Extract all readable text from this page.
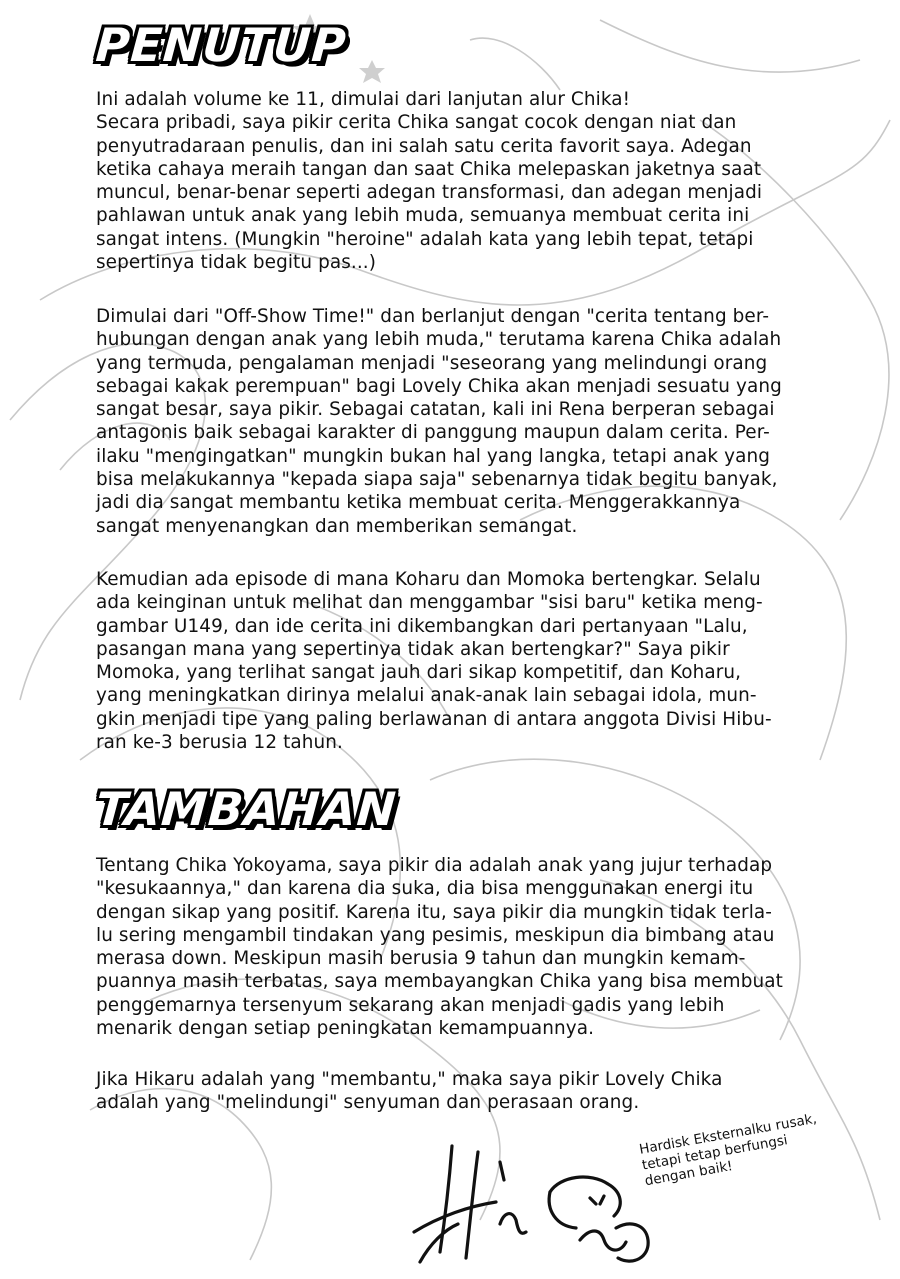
PENUTUP
Ini adalah volume ke 11, dimulai dari lanjutan alur Chika!
Secara pribadi, saya pikir cerita Chika sangat cocok dengan niat dan
penyutradaraan penulis, dan ini salah satu cerita favorit saya. Adegan
ketika cahaya meraih tangan dan saat Chika melepaskan jaketnya saat
muncul, benar-benar seperti adegan transformasi, dan adegan menjadi
pahlawan untuk anak yang lebih muda, semuanya membuat cerita ini
sangat intens. (Mungkin "heroine" adalah kata yang lebih tepat, tetapi
sepertinya tidak begitu pas...)
Dimulai dari "Off-Show Time!" dan berlanjut dengan "cerita tentang ber-
hubungan dengan anak yang lebih muda," terutama karena Chika adalah
yang termuda, pengalaman menjadi "seseorang yang melindungi orang
sebagai kakak perempuan" bagi Lovely Chika akan menjadi sesuatu yang
sangat besar, saya pikir. Sebagai catatan, kali ini Rena berperan sebagai
antagonis baik sebagai karakter di panggung maupun dalam cerita. Per-
ilaku "mengingatkan" mungkin bukan hal yang langka, tetapi anak yang
bisa melakukannya "kepada siapa saja" sebenarnya tidak begitu banyak,
jadi dia sangat membantu ketika membuat cerita. Menggerakkannya
sangat menyenangkan dan memberikan semangat.
Kemudian ada episode di mana Koharu dan Momoka bertengkar. Selalu
ada keinginan untuk melihat dan menggambar "sisi baru" ketika meng-
gambar U149, dan ide cerita ini dikembangkan dari pertanyaan "Lalu,
pasangan mana yang sepertinya tidak akan bertengkar?" Saya pikir
Momoka, yang terlihat sangat jauh dari sikap kompetitif, dan Koharu,
yang meningkatkan dirinya melalui anak-anak lain sebagai idola, mun-
gkin menjadi tipe yang paling berlawanan di antara anggota Divisi Hibu-
ran ke-3 berusia 12 tahun.
TAMBAHAN
Tentang Chika Yokoyama, saya pikir dia adalah anak yang jujur terhadap
"kesukaannya," dan karena dia suka, dia bisa menggunakan energi itu
dengan sikap yang positif. Karena itu, saya pikir dia mungkin tidak terla-
lu sering mengambil tindakan yang pesimis, meskipun dia bimbang atau
merasa down. Meskipun masih berusia 9 tahun dan mungkin kemam-
puannya masih terbatas, saya membayangkan Chika yang bisa membuat
penggemarnya tersenyum sekarang akan menjadi gadis yang lebih
menarik dengan setiap peningkatan kemampuannya.
Jika Hikaru adalah yang "membantu," maka saya pikir Lovely Chika
adalah yang "melindungi" senyuman dan perasaan orang.
Hardisk Eksternalku rusak,
tetapi tetap berfungsi
dengan baik!
